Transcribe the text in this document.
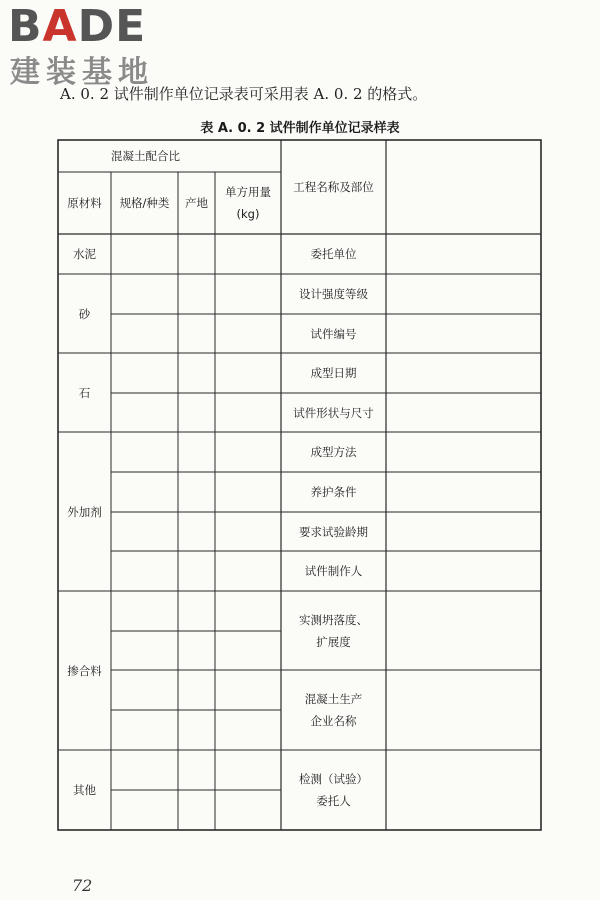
BADE
建装基地
A. 0. 2 试件制作单位记录表可采用表 A. 0. 2 的格式。
表 A. 0. 2 试件制作单位记录样表
混凝土配合比
原材料	规格/种类	产地
单方用量
(kg)
工程名称及部位
水泥
砂
石
外加剂
掺合料
其他
委托单位
设计强度等级
试件编号
成型日期
试件形状与尺寸
成型方法
养护条件
要求试验龄期
试件制作人
实测坍落度、
扩展度
混凝土生产
企业名称
检测（试验）
委托人
72
